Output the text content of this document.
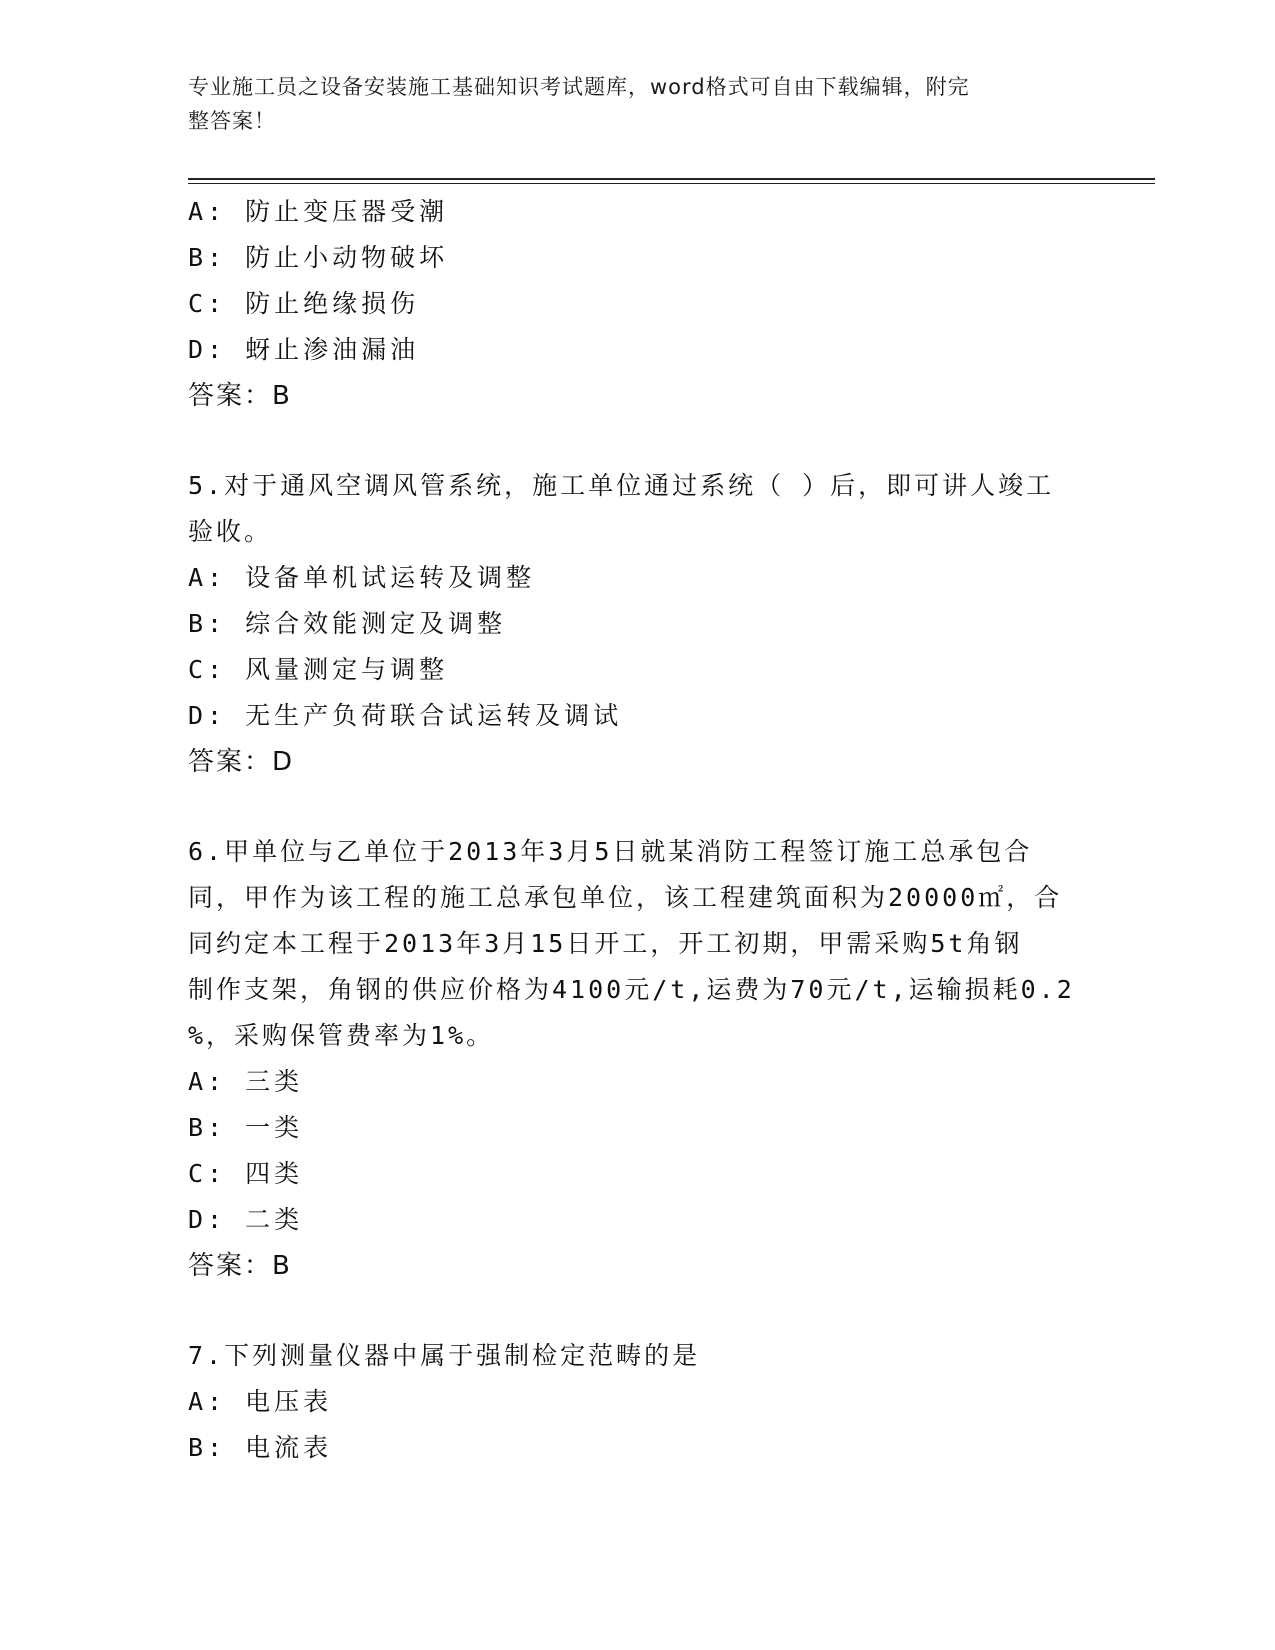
专业施工员之设备安装施工基础知识考试题库，word格式可自由下载编辑，附完
整答案！
A: 防止变压器受潮
B: 防止小动物破坏
C: 防止绝缘损伤
D: 蚜止渗油漏油
答案：B
5.对于通风空调风管系统，施工单位通过系统（ ）后，即可讲人竣工
验收。
A: 设备单机试运转及调整
B: 综合效能测定及调整
C: 风量测定与调整
D: 无生产负荷联合试运转及调试
答案：D
6.甲单位与乙单位于2013年3月5日就某消防工程签订施工总承包合
同，甲作为该工程的施工总承包单位，该工程建筑面积为20000㎡，合
同约定本工程于2013年3月15日开工，开工初期，甲需采购5t角钢
制作支架，角钢的供应价格为4100元/t,运费为70元/t,运输损耗0.2
%，采购保管费率为1%。
A: 三类
B: 一类
C: 四类
D: 二类
答案：B
7.下列测量仪器中属于强制检定范畴的是
A: 电压表
B: 电流表
